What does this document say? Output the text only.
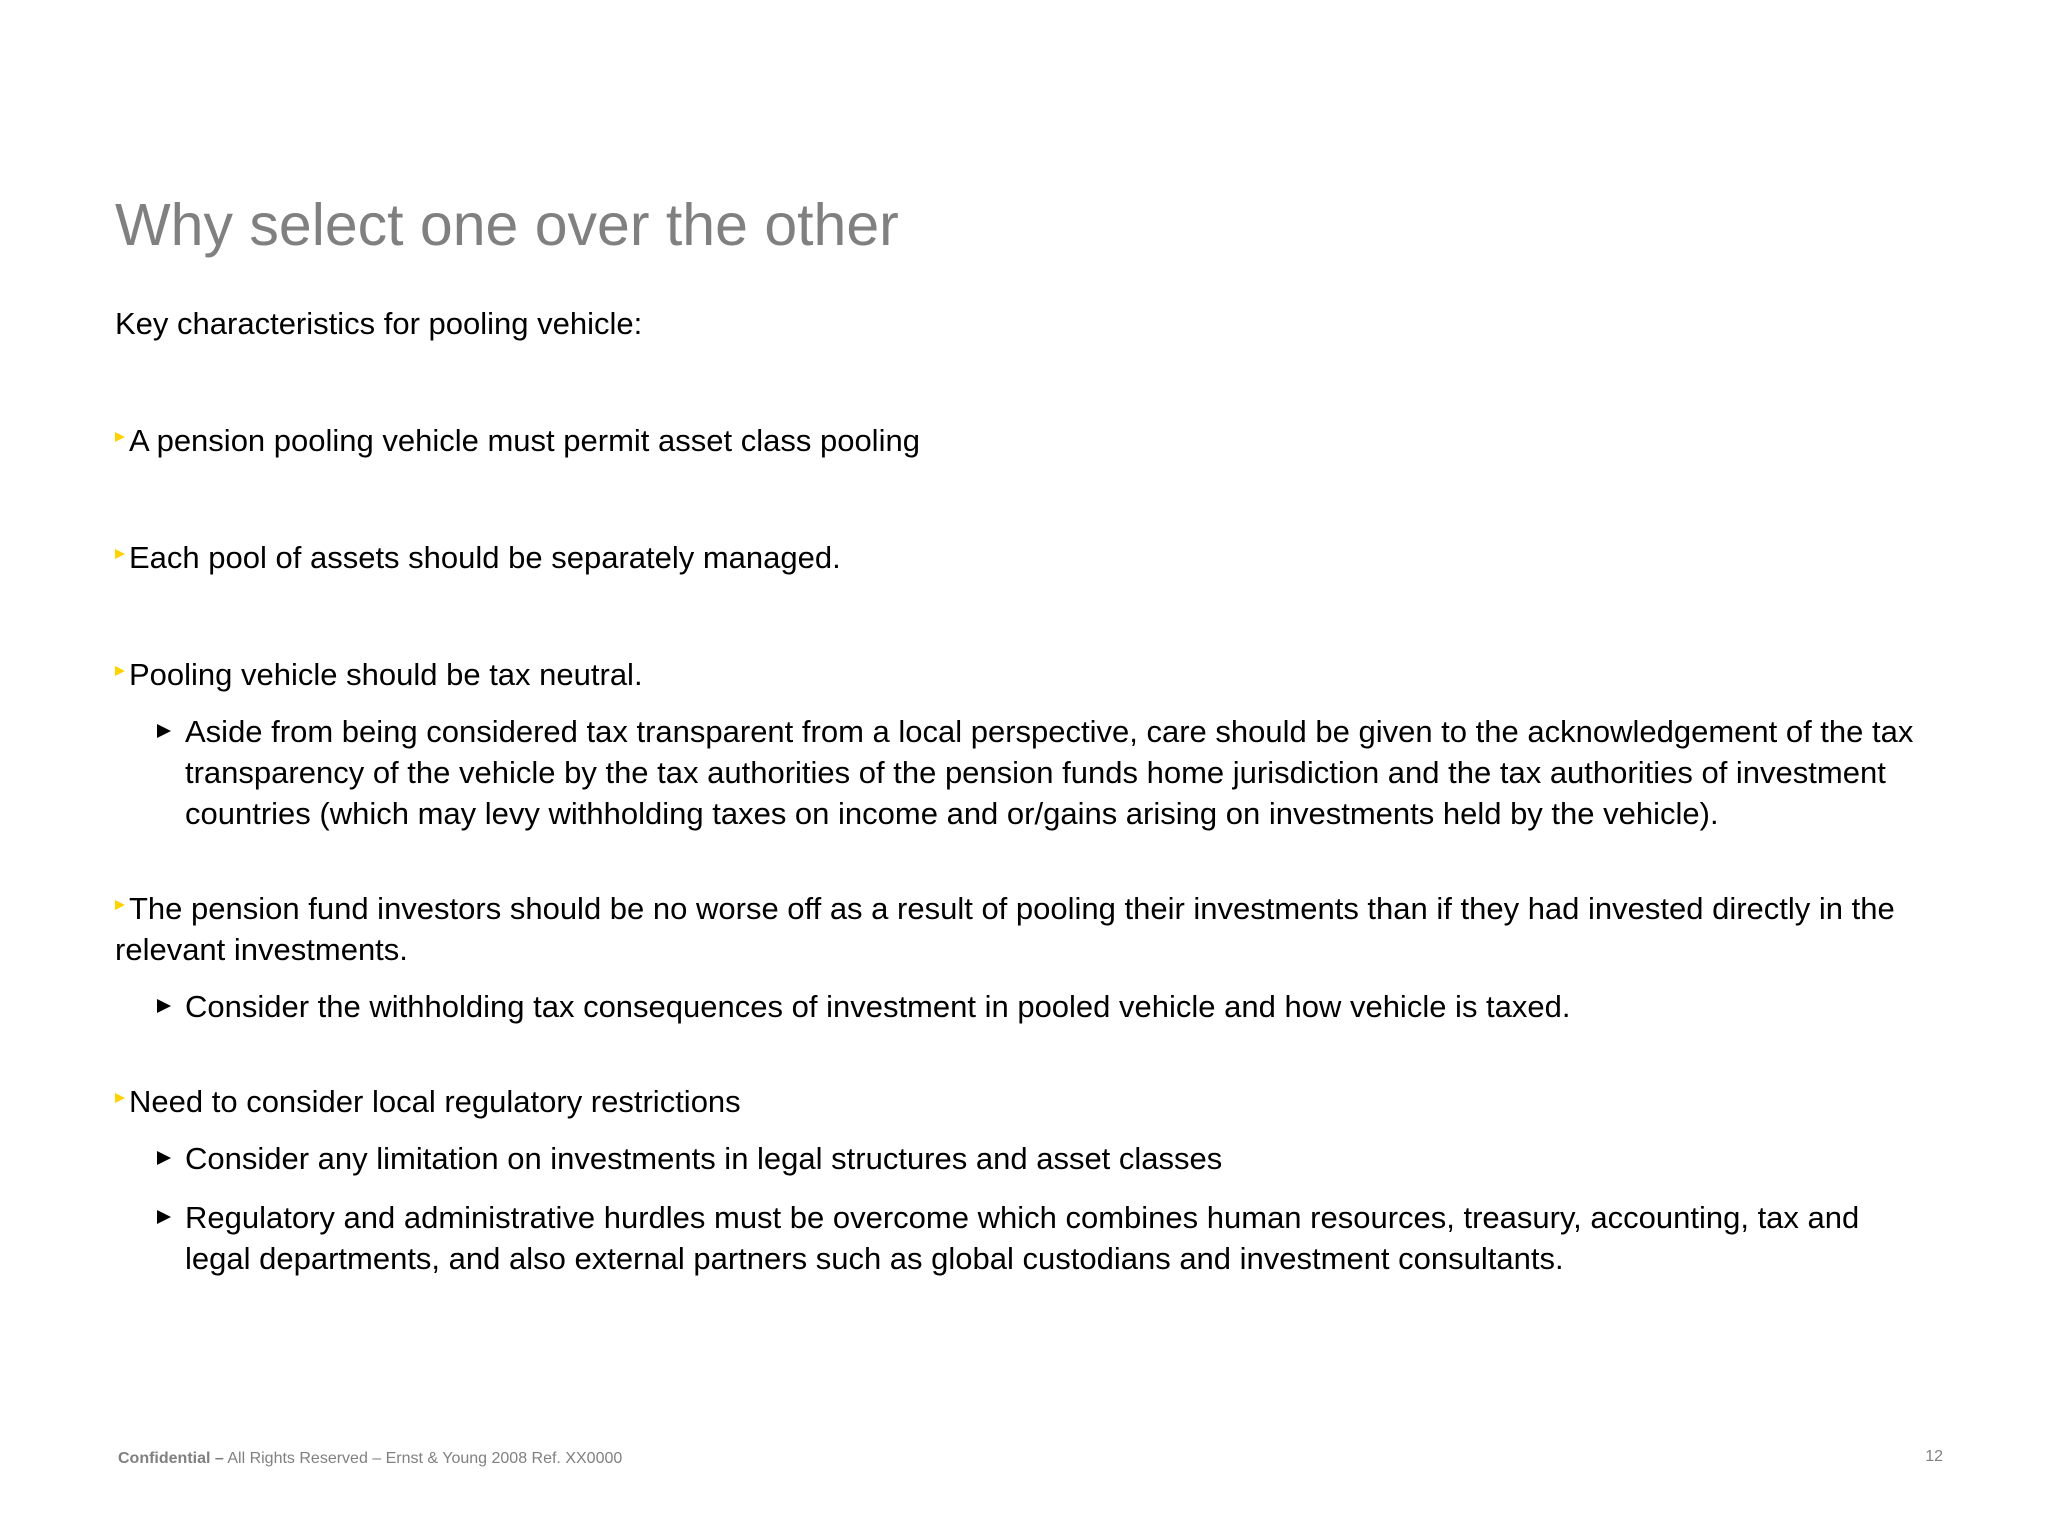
Why select one over the other
Key characteristics for pooling vehicle:
A pension pooling vehicle must permit asset class pooling
Each pool of assets should be separately managed.
Pooling vehicle should be tax neutral.
Aside from being considered tax transparent from a local perspective, care should be given to the acknowledgement of the tax transparency of the vehicle by the tax authorities of the pension funds home jurisdiction and the tax authorities of investment countries (which may levy withholding taxes on income and or/gains arising on investments held by the vehicle).
The pension fund investors should be no worse off as a result of pooling their investments than if they had invested directly in the relevant investments.
Consider the withholding tax consequences of investment in pooled vehicle and how vehicle is taxed.
Need to consider local regulatory restrictions
Consider any limitation on investments in legal structures and asset classes
Regulatory and administrative hurdles must be overcome which combines human resources, treasury, accounting, tax and legal departments, and also external partners such as global custodians and investment consultants.
Confidential – All Rights Reserved – Ernst & Young 2008 Ref. XX0000	12
